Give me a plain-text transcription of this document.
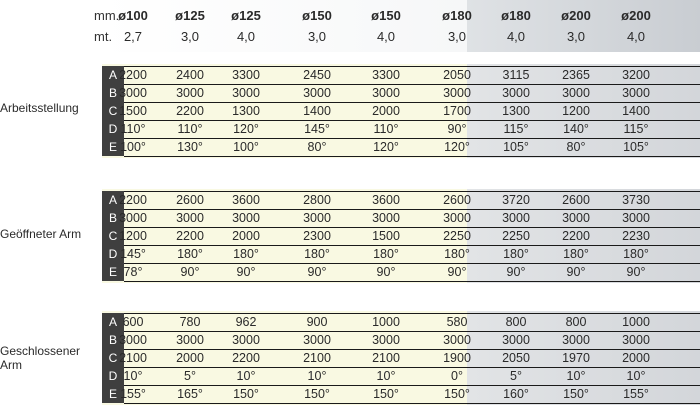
mm.
ø100	ø125	ø125	ø150	ø150	ø180	ø180	ø200	ø200
mt. 2,7	3,0	4,0	3,0	4,0	3,0	4,0	3,0	4,0
Arbeitsstellung
A 2200	2400	3300	2450	3300	2050	3115	2365	3200
B 3000	3000	3000	3000	3000	3000	3000	3000	3000
C 1500	2200	1300	1400	2000	1700	1300	1200	1400
D 110°	110°	120°	145°	110°	90°	115°	140°	115°
E 100°	130°	100°	80°	120°	120°	105°	80°	105°
Geöffneter Arm
A 2200	2600	3600	2800	3600	2600	3720	2600	3730
B 3000	3000	3000	3000	3000	3000	3000	3000	3000
C 1200	2200	2000	2300	1500	2250	2250	2200	2230
D 145°	180°	180°	180°	180°	180°	180°	180°	180°
E 78°	90°	90°	90°	90°	90°	90°	90°	90°
Geschlossener Arm
A 600	780	962	900	1000	580	800	800	1000
B 3000	3000	3000	3000	3000	3000	3000	3000	3000
C 2100	2000	2200	2100	2100	1900	2050	1970	2000
D 10°	5°	10°	10°	10°	0°	5°	10°	10°
E 155°	165°	150°	150°	150°	150°	160°	150°	155°
